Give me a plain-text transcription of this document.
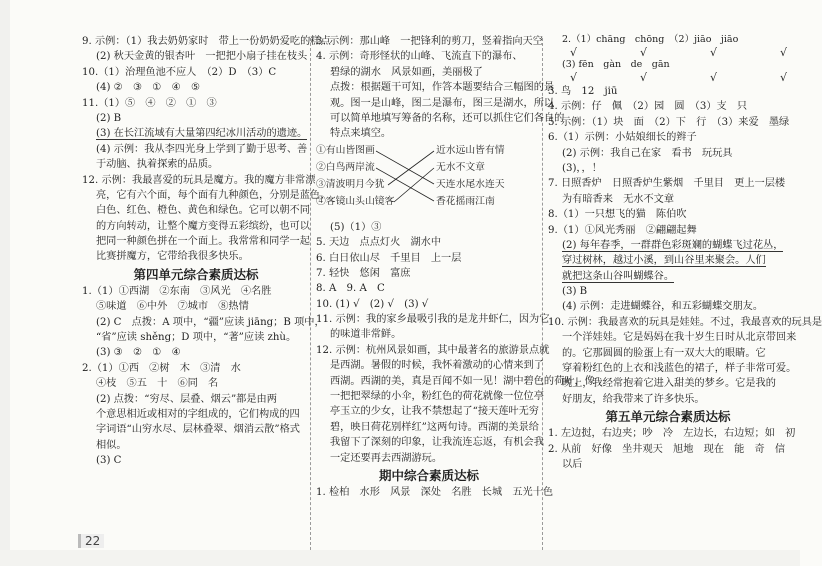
9. 示例：（1）我去奶奶家时　带上一份奶奶爱吃的糕点
(2) 秋天金黄的银杏叶　一把把小扇子挂在枝头
10.（1）治理鱼池不应人　（2）D　（3）C
(4) ②　③　①　④　⑤
11.（1）⑤　④　②　①　③
(2) B
(3) 在长江流域有大量第四纪冰川活动的遗迹。
(4) 示例：我从李四光身上学到了勤于思考、善
于动脑、执着探索的品质。
12. 示例：我最喜爱的玩具是魔方。我的魔方非常漂
亮，它有六个面，每个面有九种颜色，分别是蓝色、
白色、红色、橙色、黄色和绿色。它可以朝不同
的方向转动，让整个魔方变得五彩缤纷，也可以
把同一种颜色拼在一个面上。我常常和同学一起
比赛拼魔方，它带给我很多快乐。
第四单元综合素质达标
1.（1）①西湖　②东南　③风光　④名胜
⑤味道　⑥中外　⑦城市　⑧热情
(2) C　点拨：A 项中，“疆”应读 jiāng；B 项中，
“省”应读 shěng；D 项中，“著”应读 zhù。
(3) ③　②　①　④
2.（1）①西　②树　木　③清　水
④枝　⑤五　十　⑥同　名
(2) 点拨：“穷尽、层叠、烟云”都是由两
个意思相近或相对的字组成的，它们构成的四
字词语“山穷水尽、层林叠翠、烟消云散”格式
相似。
(3) C
3. 示例：那山峰　一把锋利的剪刀，竖着指向天空
4. 示例：奇形怪状的山峰、飞流直下的瀑布、
碧绿的湖水　风景如画，美丽极了
点拨：根据题干可知，作答本题要结合三幅图的景
观。图一是山峰，图二是瀑布，图三是湖水，所以
可以简单地填写筹备的名称，还可以抓住它们各自的
特点来填空。
①有山皆图画
②白鸟两岸流
③清波明月今犹
④客镜山头山镜客
近水远山皆有情
无水不文章
天连水尾水连天
香花摇雨江南
(5)（1）③
5. 天边　点点灯火　湖水中
6. 白日依山尽　千里目　上一层
7. 轻快　悠闲　富庶
8. A　9. A　C
10. (1) √　(2) √　(3) √
11. 示例：我的家乡最吸引我的是龙井虾仁，因为它
的味道非常鲜。
12. 示例：杭州风景如画，其中最著名的旅游景点就
是西湖。暑假的时候，我怀着激动的心情来到了
西湖。西湖的美，真是百闻不如一见！湖中碧色的荷叶，像
一把把翠绿的小伞，粉红色的荷花就像一位位亭
亭玉立的少女，让我不禁想起了“接天莲叶无穷
碧，映日荷花别样红”这两句诗。西湖的美景给
我留下了深刻的印象，让我流连忘返，有机会我
一定还要再去西湖游玩。
期中综合素质达标
1. 检柏　水形　风景　深处　名胜　长城　五光十色
2.（1）chāng　chōng　（2）jiāo　jiāo
√　√　√　√
(3) fēn　gàn　de　gān
√　√　√　√
3. 鸟　12　jiū
4. 示例：仔　佩　（2）园　圆　（3）支　只
5. 示例：（1）块　面　（2）下　行　（3）来爱　墨绿
6.（1）示例：小姑娘细长的辫子
(2) 示例：我自己在家　看书　玩玩具
(3)，，！
7. 日照香炉　日照香炉生紫烟　千里目　更上一层楼
为有暗香来　无水不文章
8.（1）一只想飞的猫　陈伯吹
9.（1）①风光秀丽　②翩翩起舞
(2) 每年春季，一群群色彩斑斓的蝴蝶飞过花丛，
穿过树林，越过小溪，到山谷里来聚会。人们
就把这条山谷叫蝴蝶谷。
(3) B
(4) 示例：走进蝴蝶谷，和五彩蝴蝶交朋友。
10. 示例：我最喜欢的玩具是娃娃。不过，我最喜欢的玩具是
一个洋娃娃。它是妈妈在我十岁生日时从北京带回来
的。它那圆圆的脸蛋上有一双大大的眼睛。它
穿着粉红色的上衣和浅蓝色的裙子，样子非常可爱。
晚上，我经常抱着它进入甜美的梦乡。它是我的
好朋友，给我带来了许多快乐。
第五单元综合素质达标
1. 左边挝，右边夹；吵　冷　左边长，右边短；如　初
2. 从前　好像　坐井观天　旭地　现在　能　奇　信
以后
22
